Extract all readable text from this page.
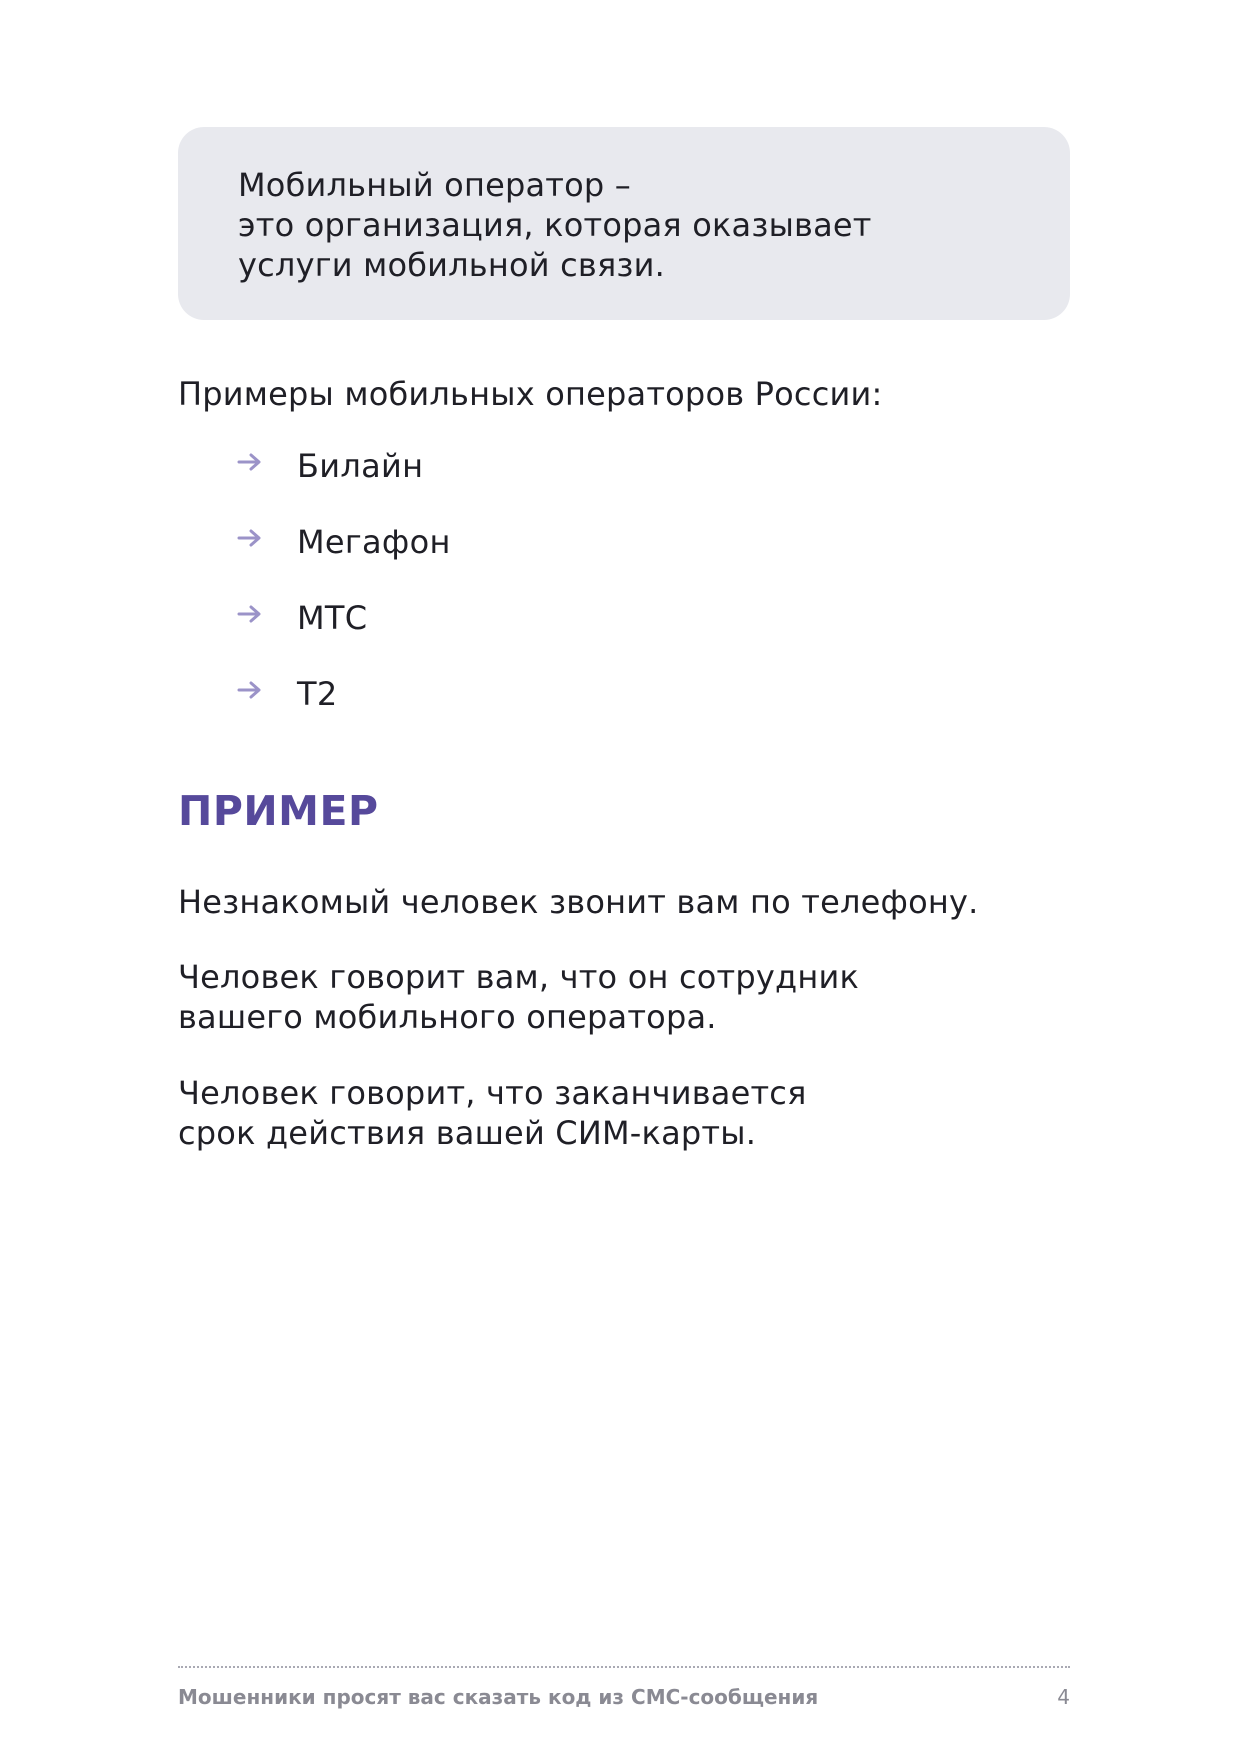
Мобильный оператор –
это организация, которая оказывает
услуги мобильной связи.
Примеры мобильных операторов России:
Билайн
Мегафон
МТС
Т2
ПРИМЕР
Незнакомый человек звонит вам по телефону.
Человек говорит вам, что он сотрудник
вашего мобильного оператора.
Человек говорит, что заканчивается
срок действия вашей СИМ-карты.
Мошенники просят вас сказать код из СМС-сообщения	4
